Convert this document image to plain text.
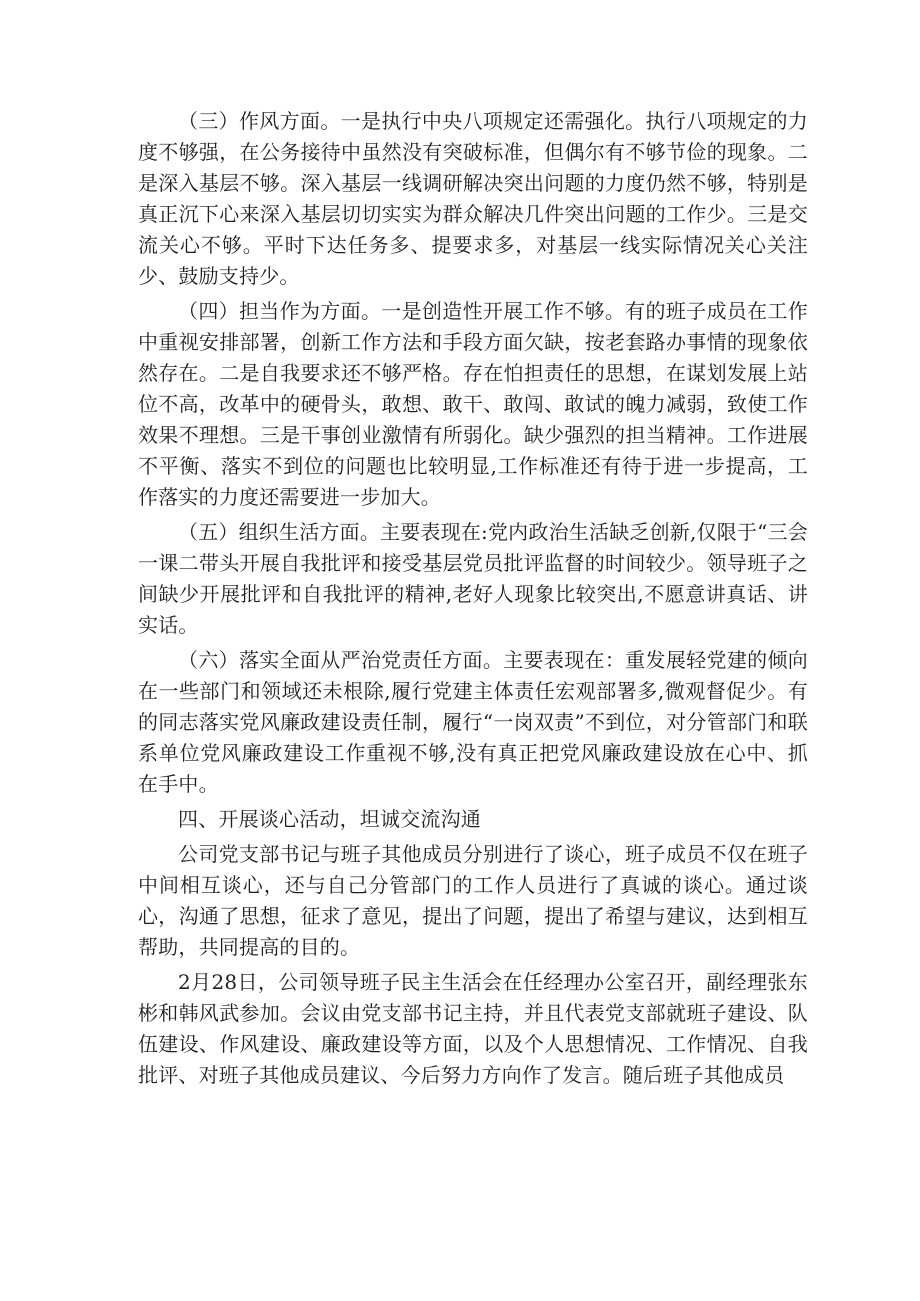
（三）作风方面。一是执行中央八项规定还需强化。执行八项规定的力度不够强，在公务接待中虽然没有突破标准，但偶尔有不够节俭的现象。二是深入基层不够。深入基层一线调研解决突出问题的力度仍然不够，特别是真正沉下心来深入基层切切实实为群众解决几件突出问题的工作少。三是交流关心不够。平时下达任务多、提要求多，对基层一线实际情况关心关注少、鼓励支持少。

（四）担当作为方面。一是创造性开展工作不够。有的班子成员在工作中重视安排部署，创新工作方法和手段方面欠缺，按老套路办事情的现象依然存在。二是自我要求还不够严格。存在怕担责任的思想，在谋划发展上站位不高，改革中的硬骨头，敢想、敢干、敢闯、敢试的魄力减弱，致使工作效果不理想。三是干事创业激情有所弱化。缺少强烈的担当精神。工作进展不平衡、落实不到位的问题也比较明显,工作标准还有待于进一步提高，工作落实的力度还需要进一步加大。

（五）组织生活方面。主要表现在:党内政治生活缺乏创新,仅限于“三会一课二带头开展自我批评和接受基层党员批评监督的时间较少。领导班子之间缺少开展批评和自我批评的精神,老好人现象比较突出,不愿意讲真话、讲实话。

（六）落实全面从严治党责任方面。主要表现在：重发展轻党建的倾向在一些部门和领域还未根除,履行党建主体责任宏观部署多,微观督促少。有的同志落实党风廉政建设责任制，履行“一岗双责”不到位，对分管部门和联系单位党风廉政建设工作重视不够,没有真正把党风廉政建设放在心中、抓在手中。

四、开展谈心活动，坦诚交流沟通

公司党支部书记与班子其他成员分别进行了谈心，班子成员不仅在班子中间相互谈心，还与自己分管部门的工作人员进行了真诚的谈心。通过谈心，沟通了思想，征求了意见，提出了问题，提出了希望与建议，达到相互帮助，共同提高的目的。

2月28日，公司领导班子民主生活会在任经理办公室召开，副经理张东彬和韩风武参加。会议由党支部书记主持，并且代表党支部就班子建设、队伍建设、作风建设、廉政建设等方面，以及个人思想情况、工作情况、自我批评、对班子其他成员建议、今后努力方向作了发言。随后班子其他成员
